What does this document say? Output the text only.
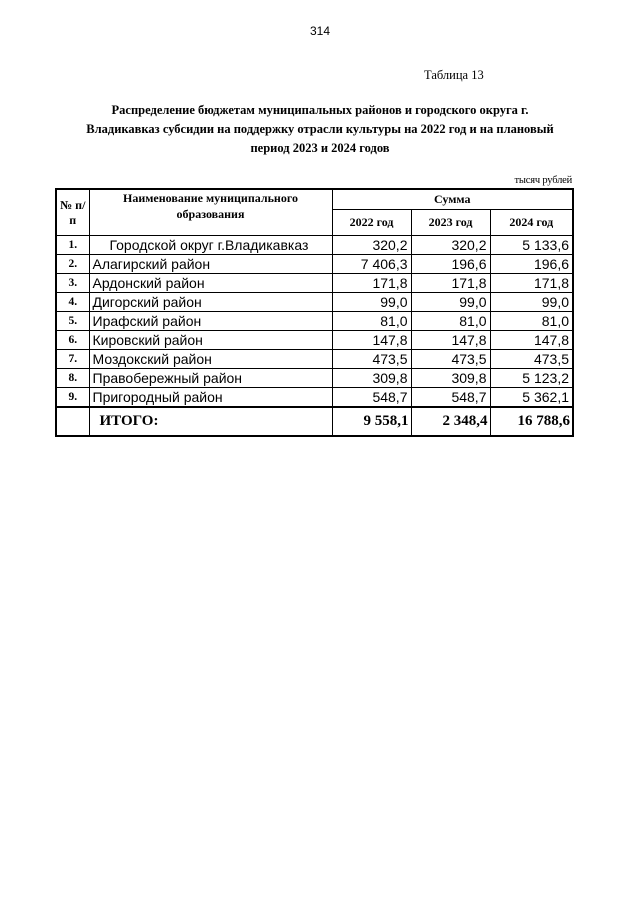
314
Таблица 13
Распределение бюджетам муниципальных районов и городского округа г.
Владикавказ субсидии на поддержку отрасли культуры на 2022 год и на плановый
период 2023 и 2024 годов
тысяч рублей
№ п/п	Наименование муниципального образования	Сумма		
		2022 год	2023 год	2024 год
1.	Городской округ г.Владикавказ	320,2	320,2	5 133,6
2.	Алагирский район	7 406,3	196,6	196,6
3.	Ардонский район	171,8	171,8	171,8
4.	Дигорский район	99,0	99,0	99,0
5.	Ирафский район	81,0	81,0	81,0
6.	Кировский район	147,8	147,8	147,8
7.	Моздокский район	473,5	473,5	473,5
8.	Правобережный район	309,8	309,8	5 123,2
9.	Пригородный район	548,7	548,7	5 362,1
	ИТОГО:	9 558,1	2 348,4	16 788,6
